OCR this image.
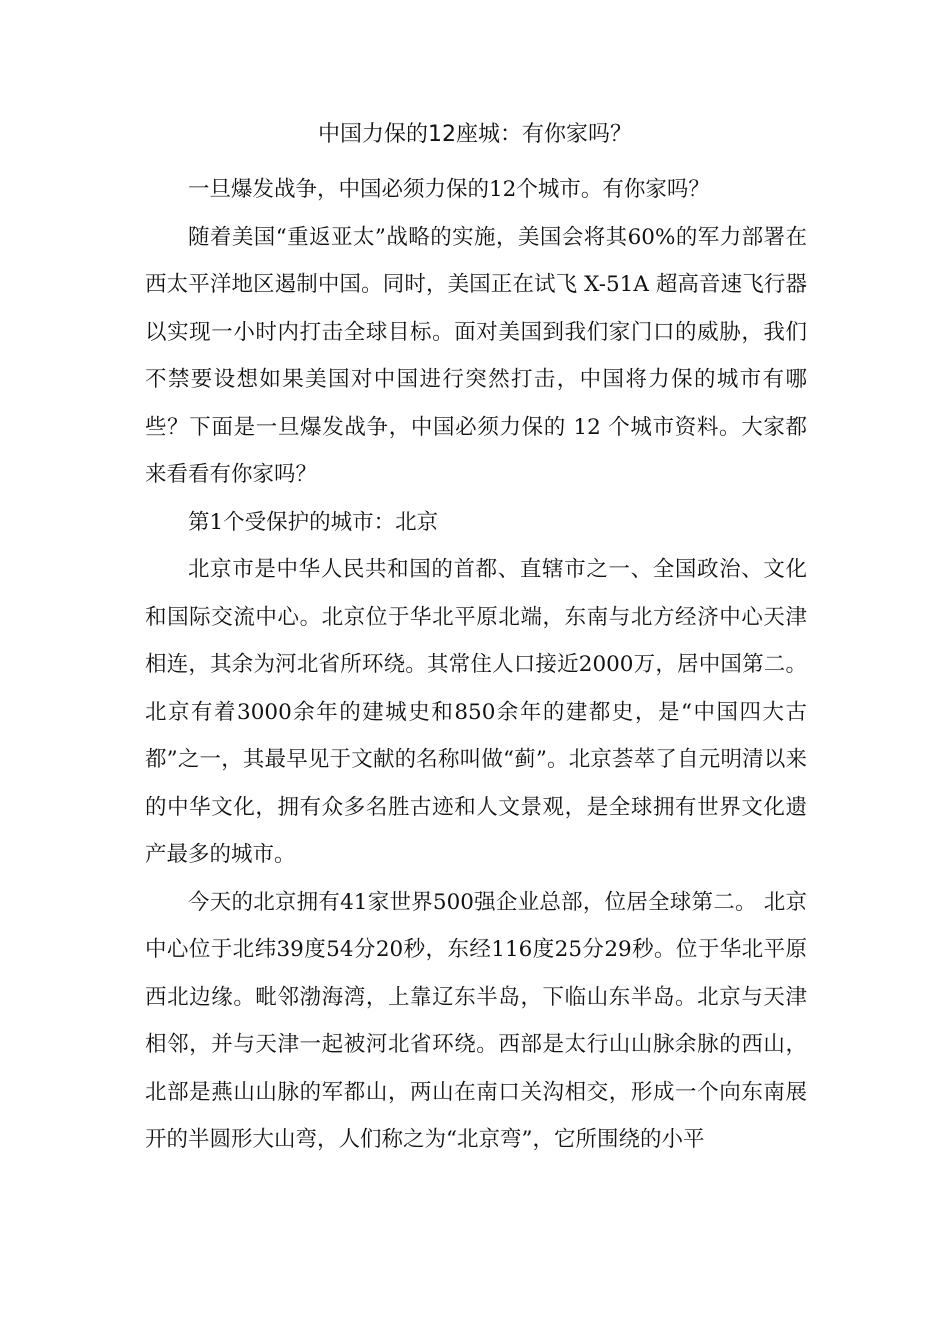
中国力保的12座城：有你家吗？

一旦爆发战争，中国必须力保的12个城市。有你家吗？

随着美国“重返亚太”战略的实施，美国会将其60%的军力部署在西太平洋地区遏制中国。同时，美国正在试飞 X-51A 超高音速飞行器以实现一小时内打击全球目标。面对美国到我们家门口的威胁，我们不禁要设想如果美国对中国进行突然打击，中国将力保的城市有哪些？下面是一旦爆发战争，中国必须力保的 12 个城市资料。大家都来看看有你家吗？

第1个受保护的城市：北京

北京市是中华人民共和国的首都、直辖市之一、全国政治、文化和国际交流中心。北京位于华北平原北端，东南与北方经济中心天津相连，其余为河北省所环绕。其常住人口接近2000万，居中国第二。北京有着3000余年的建城史和850余年的建都史，是“中国四大古都”之一，其最早见于文献的名称叫做“蓟”。北京荟萃了自元明清以来的中华文化，拥有众多名胜古迹和人文景观，是全球拥有世界文化遗产最多的城市。

今天的北京拥有41家世界500强企业总部，位居全球第二。 北京中心位于北纬39度54分20秒，东经116度25分29秒。位于华北平原西北边缘。毗邻渤海湾，上靠辽东半岛，下临山东半岛。北京与天津相邻，并与天津一起被河北省环绕。西部是太行山山脉余脉的西山，北部是燕山山脉的军都山，两山在南口关沟相交，形成一个向东南展开的半圆形大山弯，人们称之为“北京弯”，它所围绕的小平
